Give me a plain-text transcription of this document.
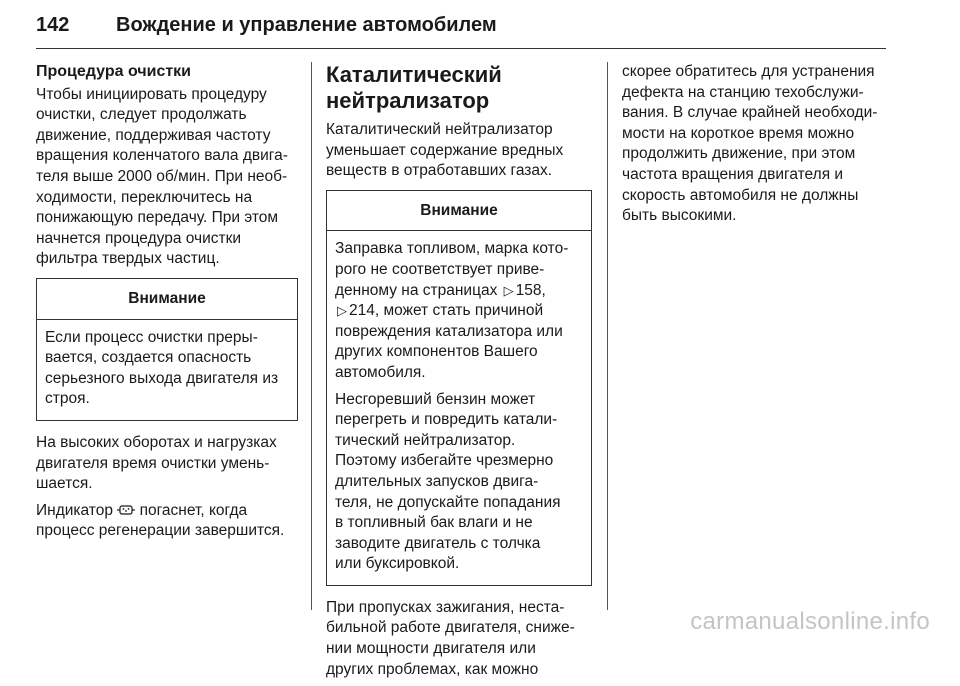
142	Вождение и управление автомобилем
Процедура очистки

Чтобы инициировать процедуру
очистки, следует продолжать
движение, поддерживая частоту
вращения коленчатого вала двига-
теля выше 2000 об/мин. При необ-
ходимости, переключитесь на
понижающую передачу. При этом
начнется процедура очистки
фильтра твердых частиц.

Внимание

Если процесс очистки преры-
вается, создается опасность
серьезного выхода двигателя из
строя.

На высоких оборотах и нагрузках
двигателя время очистки умень-
шается.

Индикатор погаснет, когда
процесс регенерации завершится.

Каталитический
нейтрализатор

Каталитический нейтрализатор
уменьшает содержание вредных
веществ в отработавших газах.

Внимание

Заправка топливом, марка кото-
рого не соответствует приве-
денному на страницах ▷ 158,
▷ 214, может стать причиной
повреждения катализатора или
других компонентов Вашего
автомобиля.

Несгоревший бензин может
перегреть и повредить катали-
тический нейтрализатор.
Поэтому избегайте чрезмерно
длительных запусков двига-
теля, не допускайте попадания
в топливный бак влаги и не
заводите двигатель с толчка
или буксировкой.

При пропусках зажигания, неста-
бильной работе двигателя, сниже-
нии мощности двигателя или
других проблемах, как можно

скорее обратитесь для устранения
дефекта на станцию техобслужи-
вания. В случае крайней необходи-
мости на короткое время можно
продолжить движение, при этом
частота вращения двигателя и
скорость автомобиля не должны
быть высокими.

carmanualsonline.info
